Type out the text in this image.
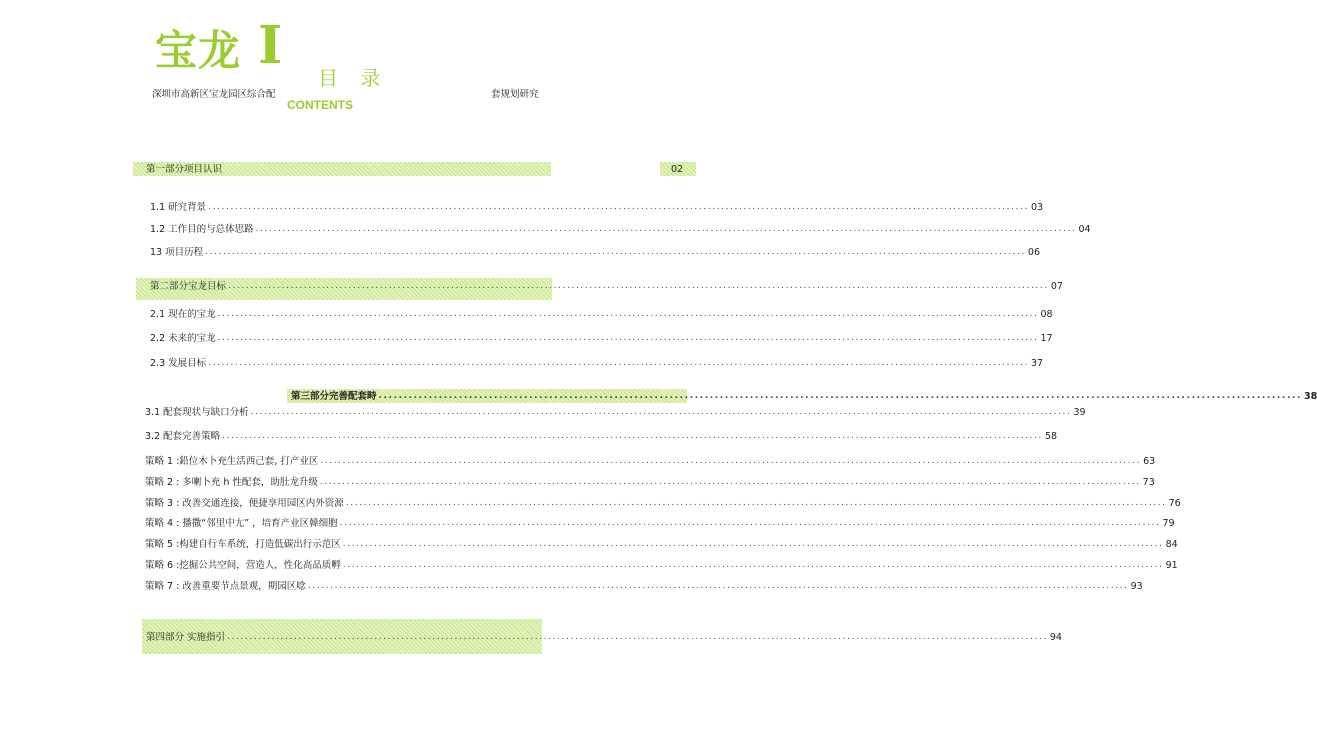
宝龙 I
目 录
CONTENTS
深圳市高新区宝龙园区综合配	套规划研究
第一部分项目认识	02
1.1 研究背景 ........................................................................................................................................................................................ 03
1.2 工作目的与总体思路 ........................................................................................................................................................................................ 04
13 项目历程 ........................................................................................................................................................................................ 06
第二部分宝龙目标 ........................................................................................................................................................................................ 07
2.1 现在的宝龙 ........................................................................................................................................................................................ 08
2.2 未来的宝龙 ........................................................................................................................................................................................ 17
2.3 发展目标 ........................................................................................................................................................................................ 37
第三部分完善配套畤 ........................................................................................................................................................................................ 38
3.1 配套现状与缺口分析 ........................................................................................................................................................................................ 39
3.2 配套完善策略 ........................................................................................................................................................................................ 58
策略 1 :鉛位木卜充生活西己套, 打产业区 ........................................................................................................................................................................................ 63
策略 2 : 多喇卜充 h 性配套，助肚龙升级 ........................................................................................................................................................................................ 73
策略 3 : 改善交通连接，便捷享用园区内外资源 ........................................................................................................................................................................................ 76
策略 4 : 播撒“邻里中尢” ，培育产业区韓细胞 ........................................................................................................................................................................................ 79
策略 5 :构建自行车系统，打造低碳出行示范区 ........................................................................................................................................................................................ 84
策略 6 :挖掘公共空间，营造人，性化高品质孵 ........................................................................................................................................................................................ 91
策略 7 : 改善重要节点景观，期园区唸 ........................................................................................................................................................................................ 93
第四部分 实施指引 ........................................................................................................................................................................................ 94
